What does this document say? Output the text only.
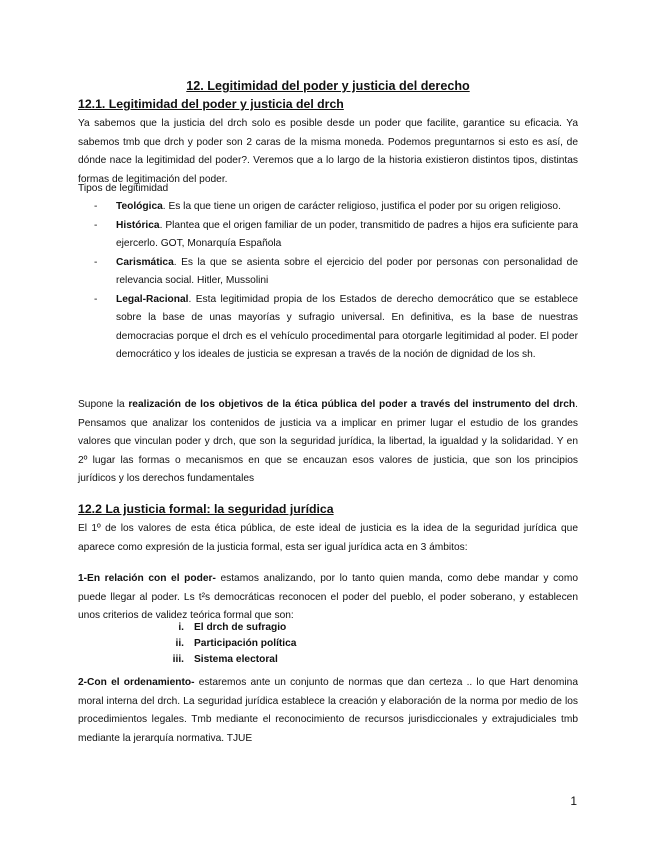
12. Legitimidad del poder y justicia del derecho
12.1. Legitimidad del poder y justicia del drch
Ya sabemos que la justicia del drch solo es posible desde un poder que facilite, garantice su eficacia. Ya sabemos tmb que drch y poder son 2 caras de la misma moneda. Podemos preguntarnos si esto es así, de dónde nace la legitimidad del poder?. Veremos que a lo largo de la historia existieron distintos tipos, distintas formas de legitimación del poder.
Tipos de legitimidad
- Teológica. Es la que tiene un origen de carácter religioso, justifica el poder por su origen religioso.
- Histórica. Plantea que el origen familiar de un poder, transmitido de padres a hijos era suficiente para ejercerlo. GOT, Monarquía Española
- Carismática. Es la que se asienta sobre el ejercicio del poder por personas con personalidad de relevancia social. Hitler, Mussolini
- Legal-Racional. Esta legitimidad propia de los Estados de derecho democrático que se establece sobre la base de unas mayorías y sufragio universal. En definitiva, es la base de nuestras democracias porque el drch es el vehículo procedimental para otorgarle legitimidad al poder. El poder democrático y los ideales de justicia se expresan a través de la noción de dignidad de los sh.
Supone la realización de los objetivos de la ética pública del poder a través del instrumento del drch. Pensamos que analizar los contenidos de justicia va a implicar en primer lugar el estudio de los grandes valores que vinculan poder y drch, que son la seguridad jurídica, la libertad, la igualdad y la solidaridad. Y en 2º lugar las formas o mecanismos en que se encauzan esos valores de justicia, que son los principios jurídicos y los derechos fundamentales
12.2 La justicia formal: la seguridad jurídica
El 1º de los valores de esta ética pública, de este ideal de justicia es la idea de la seguridad jurídica que aparece como expresión de la justicia formal, esta ser igual jurídica acta en 3 ámbitos:
1-En relación con el poder- estamos analizando, por lo tanto quien manda, como debe mandar y como puede llegar al poder. Ls t²s democráticas reconocen el poder del pueblo, el poder soberano, y establecen unos criterios de validez teórica formal que son:
i. El drch de sufragio
ii. Participación política
iii. Sistema electoral
2-Con el ordenamiento- estaremos ante un conjunto de normas que dan certeza .. lo que Hart denomina moral interna del drch. La seguridad jurídica establece la creación y elaboración de la norma por medio de los procedimientos legales. Tmb mediante el reconocimiento de recursos jurisdiccionales y extrajudiciales tmb mediante la jerarquía normativa. TJUE
1
